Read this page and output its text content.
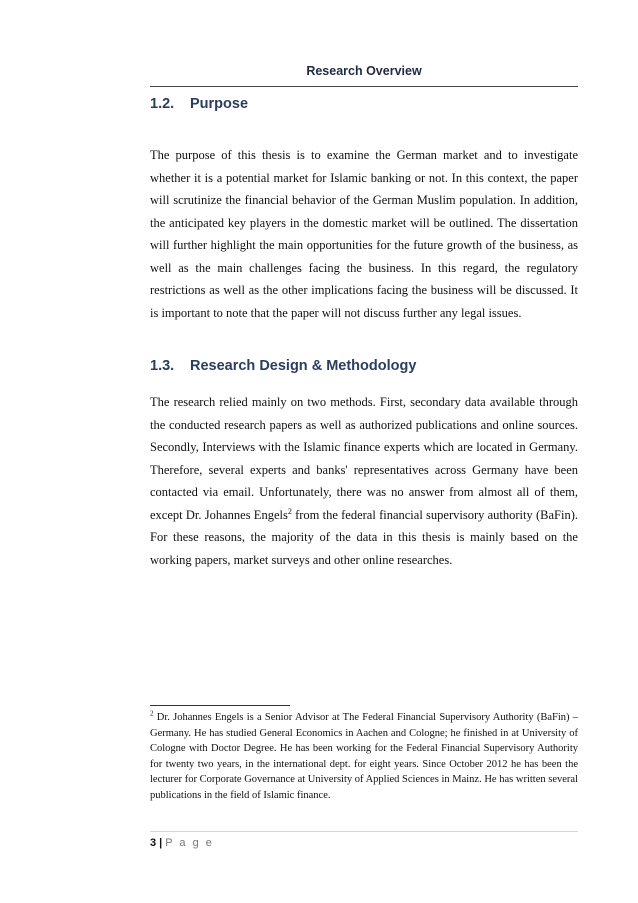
Research Overview
1.2. Purpose

The purpose of this thesis is to examine the German market and to investigate whether it is a potential market for Islamic banking or not. In this context, the paper will scrutinize the financial behavior of the German Muslim population. In addition, the anticipated key players in the domestic market will be outlined. The dissertation will further highlight the main opportunities for the future growth of the business, as well as the main challenges facing the business. In this regard, the regulatory restrictions as well as the other implications facing the business will be discussed. It is important to note that the paper will not discuss further any legal issues.

1.3. Research Design & Methodology

The research relied mainly on two methods. First, secondary data available through the conducted research papers as well as authorized publications and online sources. Secondly, Interviews with the Islamic finance experts which are located in Germany. Therefore, several experts and banks' representatives across Germany have been contacted via email. Unfortunately, there was no answer from almost all of them, except Dr. Johannes Engels$^2$ from the federal financial supervisory authority (BaFin). For these reasons, the majority of the data in this thesis is mainly based on the working papers, market surveys and other online researches.

$^2$ Dr. Johannes Engels is a Senior Advisor at The Federal Financial Supervisory Authority (BaFin) – Germany. He has studied General Economics in Aachen and Cologne; he finished in at University of Cologne with Doctor Degree. He has been working for the Federal Financial Supervisory Authority for twenty two years, in the international dept. for eight years. Since October 2012 he has been the lecturer for Corporate Governance at University of Applied Sciences in Mainz. He has written several publications in the field of Islamic finance.

3 | P a g e
